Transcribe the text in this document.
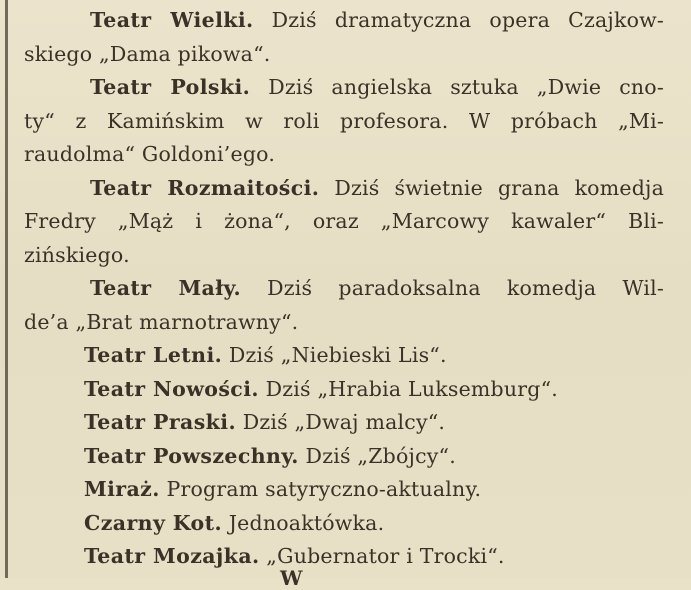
Teatr Wielki. Dziś dramatyczna opera Czajkow-
skiego „Dama pikowa“.
Teatr Polski. Dziś angielska sztuka „Dwie cno-
ty“ z Kamińskim w roli profesora. W próbach „Mi-
raudolma“ Goldoni’ego.
Teatr Rozmaitości. Dziś świetnie grana komedja
Fredry „Mąż i żona“, oraz „Marcowy kawaler“ Bli-
zińskiego.
Teatr Mały. Dziś paradoksalna komedja Wil-
de’a „Brat marnotrawny“.
Teatr Letni. Dziś „Niebieski Lis“.
Teatr Nowości. Dziś „Hrabia Luksemburg“.
Teatr Praski. Dziś „Dwaj malcy“.
Teatr Powszechny. Dziś „Zbójcy“.
Miraż. Program satyryczno-aktualny.
Czarny Kot. Jednoaktówka.
Teatr Mozajka. „Gubernator i Trocki“.
W
